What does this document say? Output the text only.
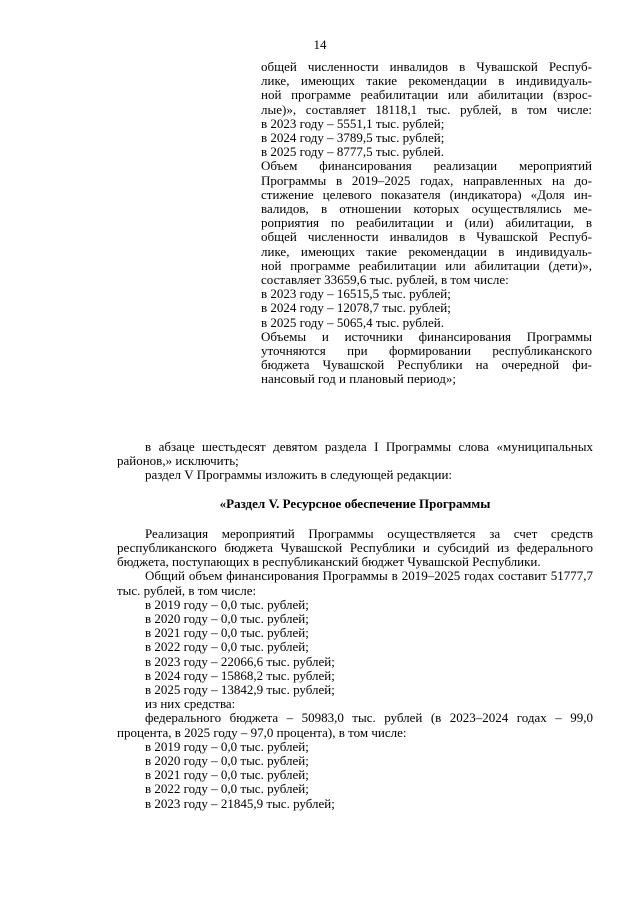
14
общей численности инвалидов в Чувашской Респуб-
лике, имеющих такие рекомендации в индивидуаль-
ной программе реабилитации или абилитации (взрос-
лые)», составляет 18118,1 тыс. рублей, в том числе:
в 2023 году – 5551,1 тыс. рублей;
в 2024 году – 3789,5 тыс. рублей;
в 2025 году – 8777,5 тыс. рублей.
Объем финансирования реализации мероприятий
Программы в 2019–2025 годах, направленных на до-
стижение целевого показателя (индикатора) «Доля ин-
валидов, в отношении которых осуществлялись ме-
роприятия по реабилитации и (или) абилитации, в
общей численности инвалидов в Чувашской Респуб-
лике, имеющих такие рекомендации в индивидуаль-
ной программе реабилитации или абилитации (дети)»,
составляет 33659,6 тыс. рублей, в том числе:
в 2023 году – 16515,5 тыс. рублей;
в 2024 году – 12078,7 тыс. рублей;
в 2025 году – 5065,4 тыс. рублей.
Объемы и источники финансирования Программы
уточняются при формировании республиканского
бюджета Чувашской Республики на очередной фи-
нансовый год и плановый период»;

в абзаце шестьдесят девятом раздела I Программы слова «муниципальных районов,» исключить;

раздел V Программы изложить в следующей редакции:

«Раздел V. Ресурсное обеспечение Программы

Реализация мероприятий Программы осуществляется за счет средств республиканского бюджета Чувашской Республики и субсидий из федерального бюджета, поступающих в республиканский бюджет Чувашской Республики.

Общий объем финансирования Программы в 2019–2025 годах составит 51777,7 тыс. рублей, в том числе:

в 2019 году – 0,0 тыс. рублей;
в 2020 году – 0,0 тыс. рублей;
в 2021 году – 0,0 тыс. рублей;
в 2022 году – 0,0 тыс. рублей;
в 2023 году – 22066,6 тыс. рублей;
в 2024 году – 15868,2 тыс. рублей;
в 2025 году – 13842,9 тыс. рублей;
из них средства:

федерального бюджета – 50983,0 тыс. рублей (в 2023–2024 годах – 99,0 процента, в 2025 году – 97,0 процента), в том числе:

в 2019 году – 0,0 тыс. рублей;
в 2020 году – 0,0 тыс. рублей;
в 2021 году – 0,0 тыс. рублей;
в 2022 году – 0,0 тыс. рублей;
в 2023 году – 21845,9 тыс. рублей;
